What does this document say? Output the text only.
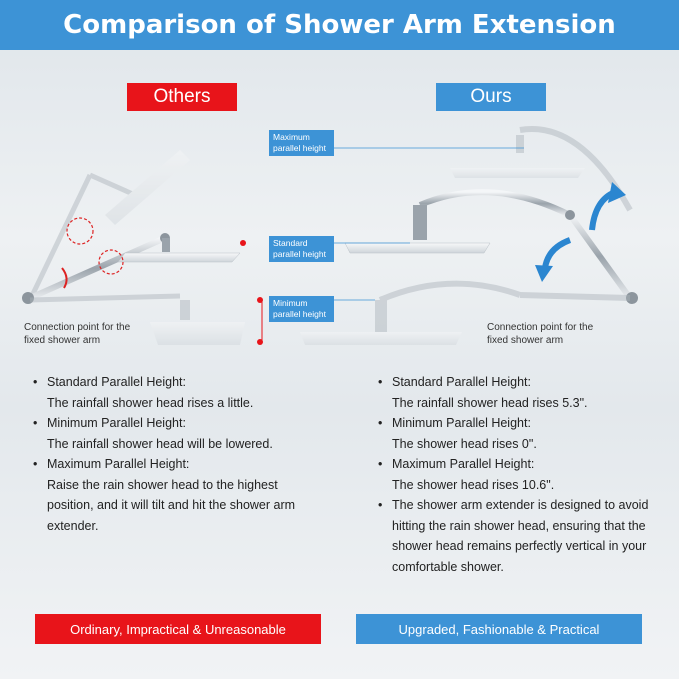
Comparison of Shower Arm Extension
Others	Ours
Maximum parallel height
Standard parallel height
Minimum parallel height
Connection point for the fixed shower arm
Connection point for the fixed shower arm
• Standard Parallel Height:
The rainfall shower head rises a little.
• Minimum Parallel Height:
The rainfall shower head will be lowered.
• Maximum Parallel Height:
Raise the rain shower head to the highest position, and it will tilt and hit the shower arm extender.
• Standard Parallel Height:
The rainfall shower head rises 5.3".
• Minimum Parallel Height:
The shower head rises 0".
• Maximum Parallel Height:
The shower head rises 10.6".
• The shower arm extender is designed to avoid hitting the rain shower head, ensuring that the shower head remains perfectly vertical in your comfortable shower.
Ordinary, Impractical & Unreasonable	Upgraded, Fashionable & Practical
